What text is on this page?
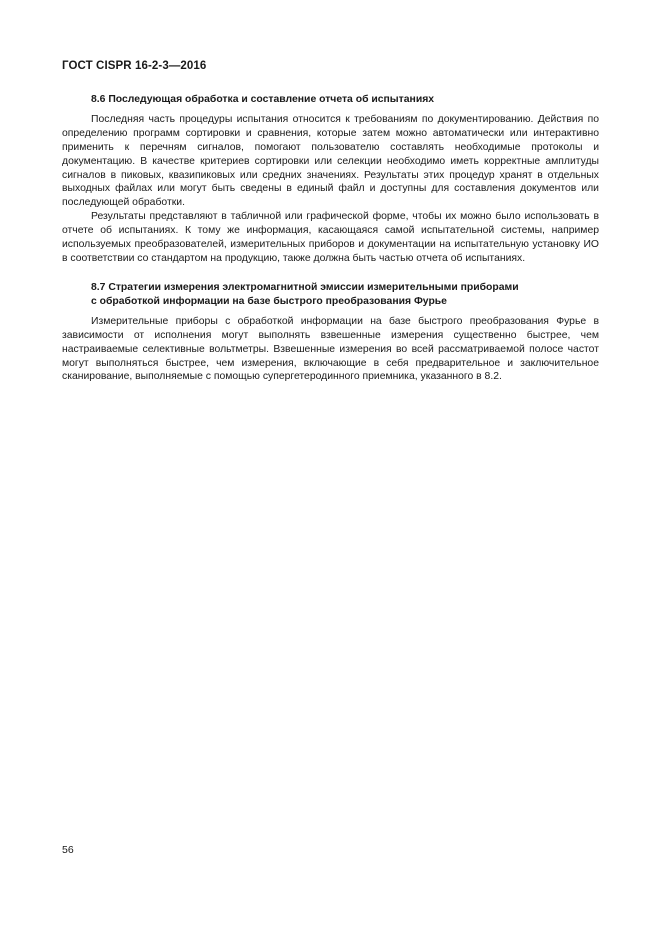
ГОСТ CISPR 16-2-3—2016

8.6 Последующая обработка и составление отчета об испытаниях

Последняя часть процедуры испытания относится к требованиям по документированию. Действия по определению программ сортировки и сравнения, которые затем можно автоматически или интерактивно применить к перечням сигналов, помогают пользователю составлять необходимые протоколы и документацию. В качестве критериев сортировки или селекции необходимо иметь корректные амплитуды сигналов в пиковых, квазипиковых или средних значениях. Результаты этих процедур хранят в отдельных выходных файлах или могут быть сведены в единый файл и доступны для составления документов или последующей обработки.

Результаты представляют в табличной или графической форме, чтобы их можно было использовать в отчете об испытаниях. К тому же информация, касающаяся самой испытательной системы, например используемых преобразователей, измерительных приборов и документации на испытательную установку ИО в соответствии со стандартом на продукцию, также должна быть частью отчета об испытаниях.

8.7 Стратегии измерения электромагнитной эмиссии измерительными приборами
с обработкой информации на базе быстрого преобразования Фурье

Измерительные приборы с обработкой информации на базе быстрого преобразования Фурье в зависимости от исполнения могут выполнять взвешенные измерения существенно быстрее, чем настраиваемые селективные вольтметры. Взвешенные измерения во всей рассматриваемой полосе частот могут выполняться быстрее, чем измерения, включающие в себя предварительное и заключительное сканирование, выполняемые с помощью супергетеродинного приемника, указанного в 8.2.

56
